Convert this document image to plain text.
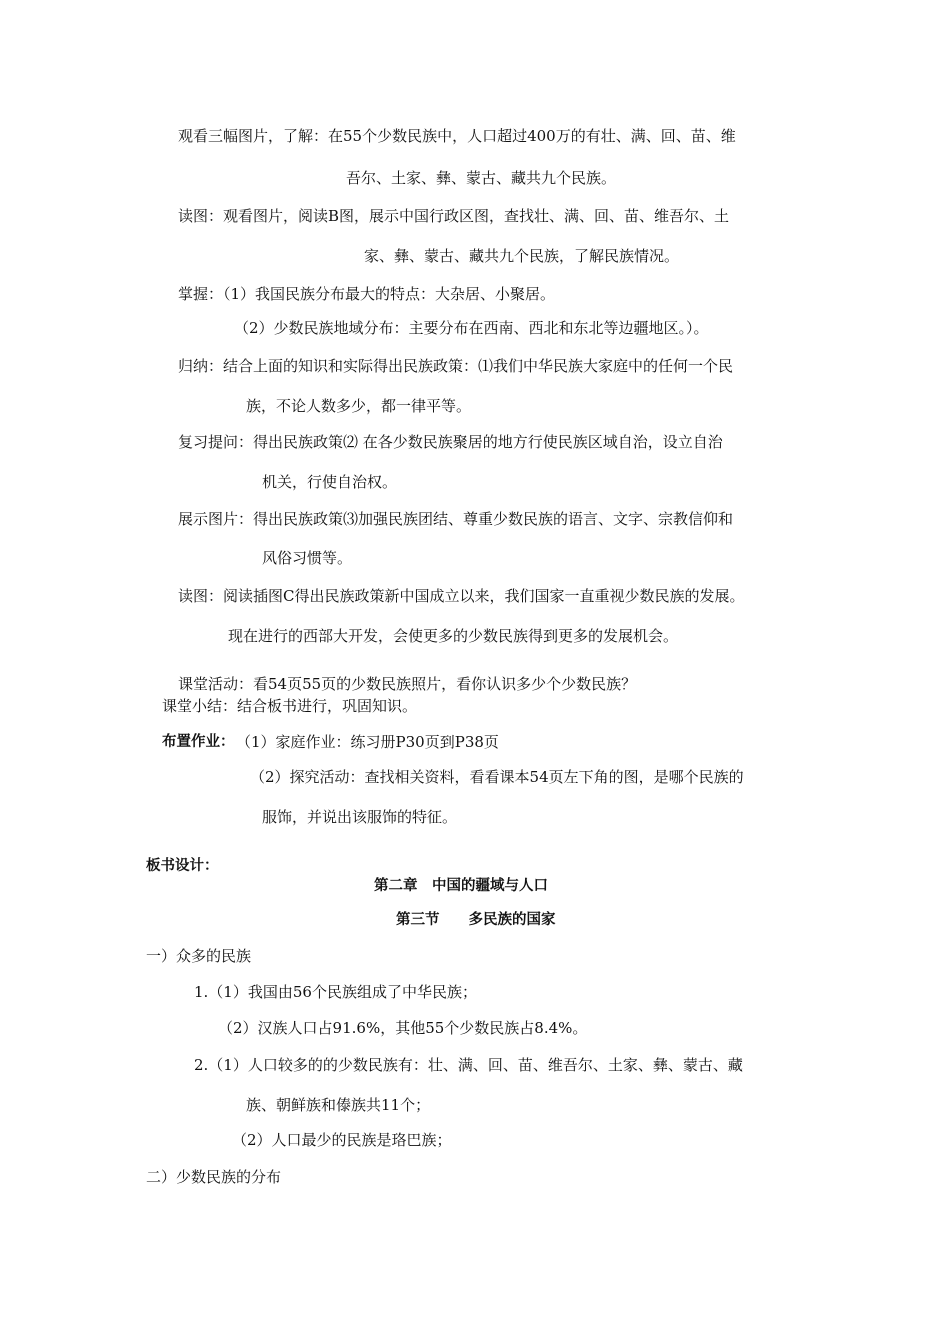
观看三幅图片，了解：在55个少数民族中，人口超过400万的有壮、满、回、苗、维
吾尔、土家、彝、蒙古、藏共九个民族。
读图：观看图片，阅读B图，展示中国行政区图，查找壮、满、回、苗、维吾尔、土
家、彝、蒙古、藏共九个民族，了解民族情况。
掌握：（1）我国民族分布最大的特点：大杂居、小聚居。
（2）少数民族地域分布：主要分布在西南、西北和东北等边疆地区。）。
归纳：结合上面的知识和实际得出民族政策：⑴我们中华民族大家庭中的任何一个民
族，不论人数多少，都一律平等。
复习提问：得出民族政策⑵ 在各少数民族聚居的地方行使民族区域自治，设立自治
机关，行使自治权。
展示图片：得出民族政策⑶加强民族团结、尊重少数民族的语言、文字、宗教信仰和
风俗习惯等。
读图：阅读插图C得出民族政策新中国成立以来，我们国家一直重视少数民族的发展。
现在进行的西部大开发，会使更多的少数民族得到更多的发展机会。
课堂活动：看54页55页的少数民族照片，看你认识多少个少数民族？
课堂小结：结合板书进行，巩固知识。
布置作业： （1）家庭作业：练习册P30页到P38页
（2）探究活动：查找相关资料，看看课本54页左下角的图，是哪个民族的
服饰，并说出该服饰的特征。
板书设计：
第二章　中国的疆域与人口
第三节　　多民族的国家
一）众多的民族
1.（1）我国由56个民族组成了中华民族；
（2）汉族人口占91.6%，其他55个少数民族占8.4%。
2.（1）人口较多的的少数民族有：壮、满、回、苗、维吾尔、土家、彝、蒙古、藏
族、朝鲜族和傣族共11个；
（2）人口最少的民族是珞巴族；
二）少数民族的分布
